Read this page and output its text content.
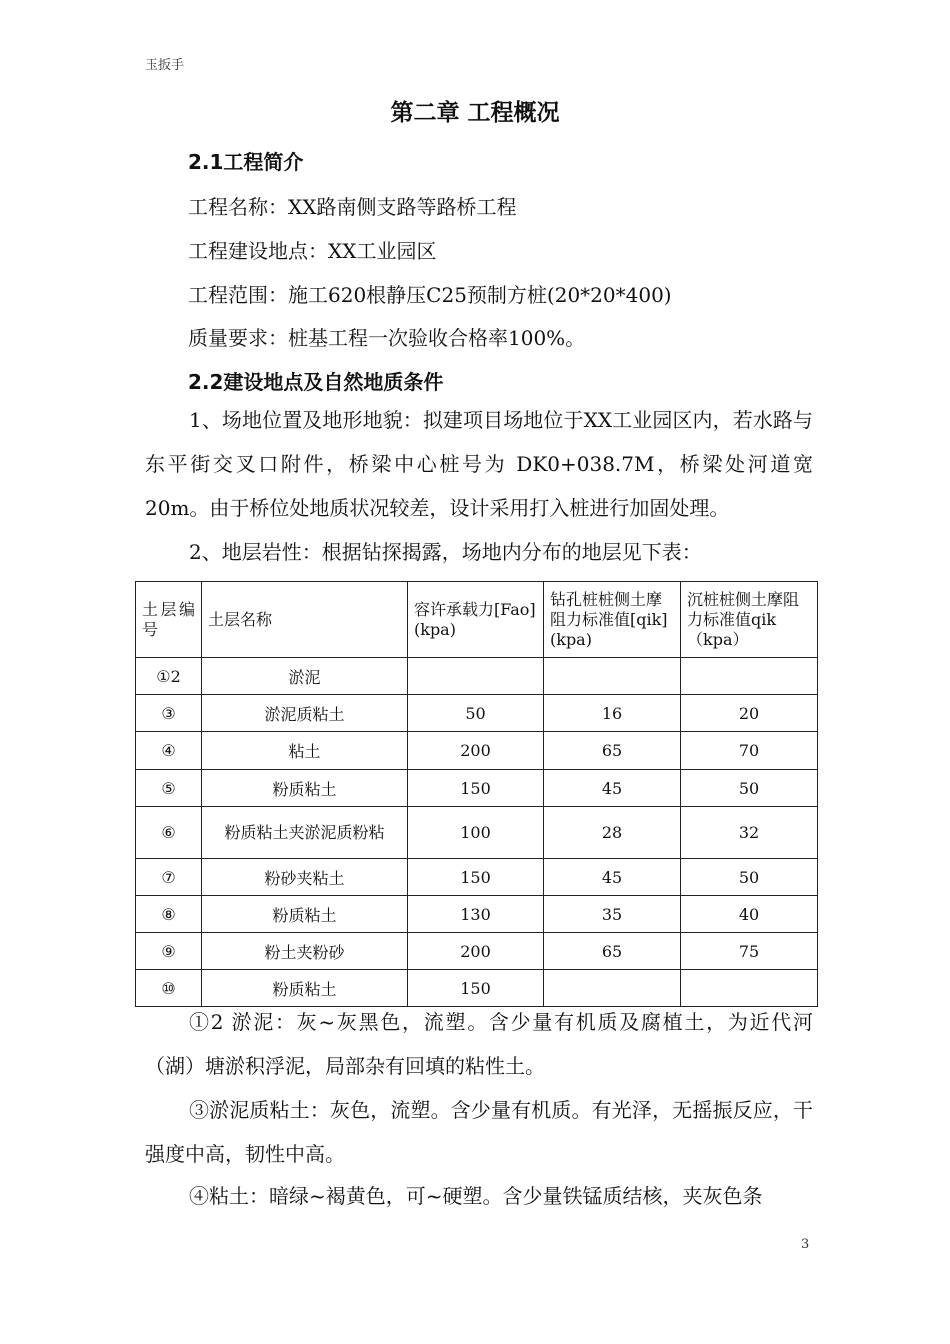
玉扳手
第二章 工程概况
2.1工程简介
工程名称：XX路南侧支路等路桥工程
工程建设地点：XX工业园区
工程范围：施工620根静压C25预制方桩(20*20*400)
质量要求：桩基工程一次验收合格率100%。
2.2建设地点及自然地质条件

1、场地位置及地形地貌：拟建项目场地位于XX工业园区内，若水路与东平街交叉口附件，桥梁中心桩号为 DK0+038.7M，桥梁处河道宽20m。由于桥位处地质状况较差，设计采用打入桩进行加固处理。

2、地层岩性：根据钻探揭露，场地内分布的地层见下表：

土层编号	土层名称	容许承载力[Fao](kpa)	钻孔桩桩侧土摩阻力标准值[qik](kpa)	沉桩桩侧土摩阻力标准值qik（kpa）
①2	淤泥			
③	淤泥质粘土	50	16	20
④	粘土	200	65	70
⑤	粉质粘土	150	45	50
⑥	粉质粘土夹淤泥质粉粘	100	28	32
⑦	粉砂夹粘土	150	45	50
⑧	粉质粘土	130	35	40
⑨	粉土夹粉砂	200	65	75
⑩	粉质粘土	150		

①2 淤泥：灰~灰黑色，流塑。含少量有机质及腐植土，为近代河（湖）塘淤积浮泥，局部杂有回填的粘性土。

③淤泥质粘土：灰色，流塑。含少量有机质。有光泽，无摇振反应，干强度中高，韧性中高。

④粘土：暗绿~褐黄色，可~硬塑。含少量铁锰质结核，夹灰色条

3
